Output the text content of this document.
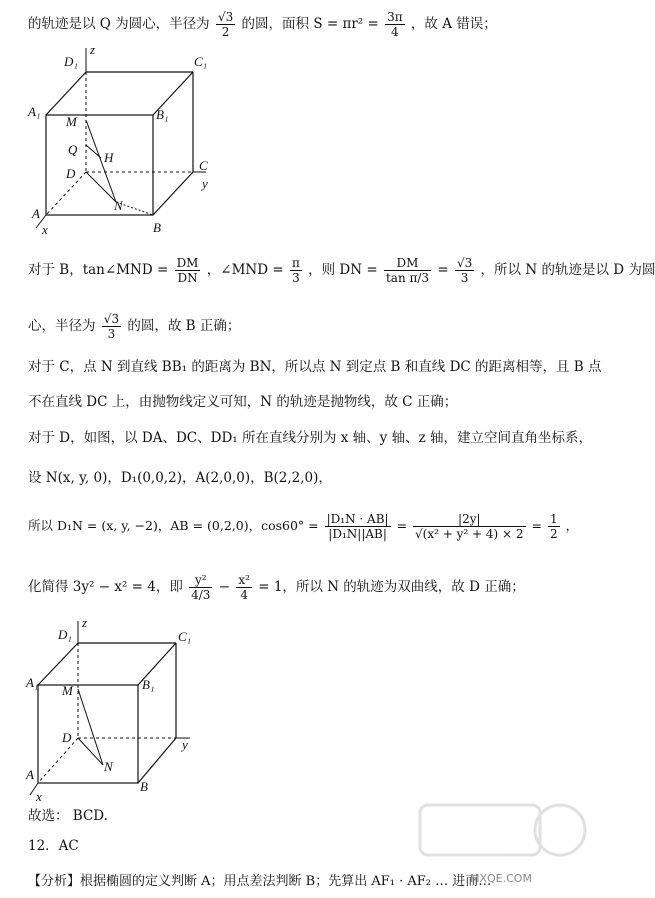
的轨迹是以 Q 为圆心，半径为 $\frac{√3}{2}$ 的圆，面积 $S = \pi r^2 = \frac{3\pi}{4}$ ，故 A 错误；
D₁
z
C₁
A₁	B₁
M
Q
H
C
D
y
N
A
x	B
对于 B，tan∠MND = $\frac{DM}{DN}$ ，∠MND = $\frac{\pi}{3}$ ，则 DN = $\frac{DM}{\text{tan π/3}} = \frac{√3}{3}$ ，所以 N 的轨迹是以 D 为圆
心，半径为 $\frac{√3}{3}$ 的圆，故 B 正确；
对于 C，点 N 到直线 BB₁ 的距离为 BN，所以点 N 到定点 B 和直线 DC 的距离相等，且 B 点
不在直线 DC 上，由抛物线定义可知，N 的轨迹是抛物线，故 C 正确；
对于 D，如图，以 DA、DC、DD₁ 所在直线分别为 x 轴、y 轴、z 轴，建立空间直角坐标系，
设 N(x, y, 0)，D₁(0,0,2)，A(2,0,0)，B(2,2,0)，
所以 D₁N = (x, y, −2)，AB = (0,2,0)，$\cos 60^\circ = \frac{\text{|D₁N · AB|}}{\text{|D₁N||AB|}} = \frac{|2y|}{\text{√(x² + y² + 4) × 2}} = \frac{1}{2}$ ，
化简得 3y² − x² = 4，即 $\frac{\text{y²}}{4/3} - \frac{\text{x²}}{4} = 1$，所以 N 的轨迹为双曲线，故 D 正确；
D₁
z
C₁
A₁	B₁
M
D	y
N
A
x
B
故选： BCD.
12．AC
【分析】根据椭圆的定义判断 A；用点差法判断 B；先算出 AF₁ · AF₂ … 进而…
MXQE.COM
